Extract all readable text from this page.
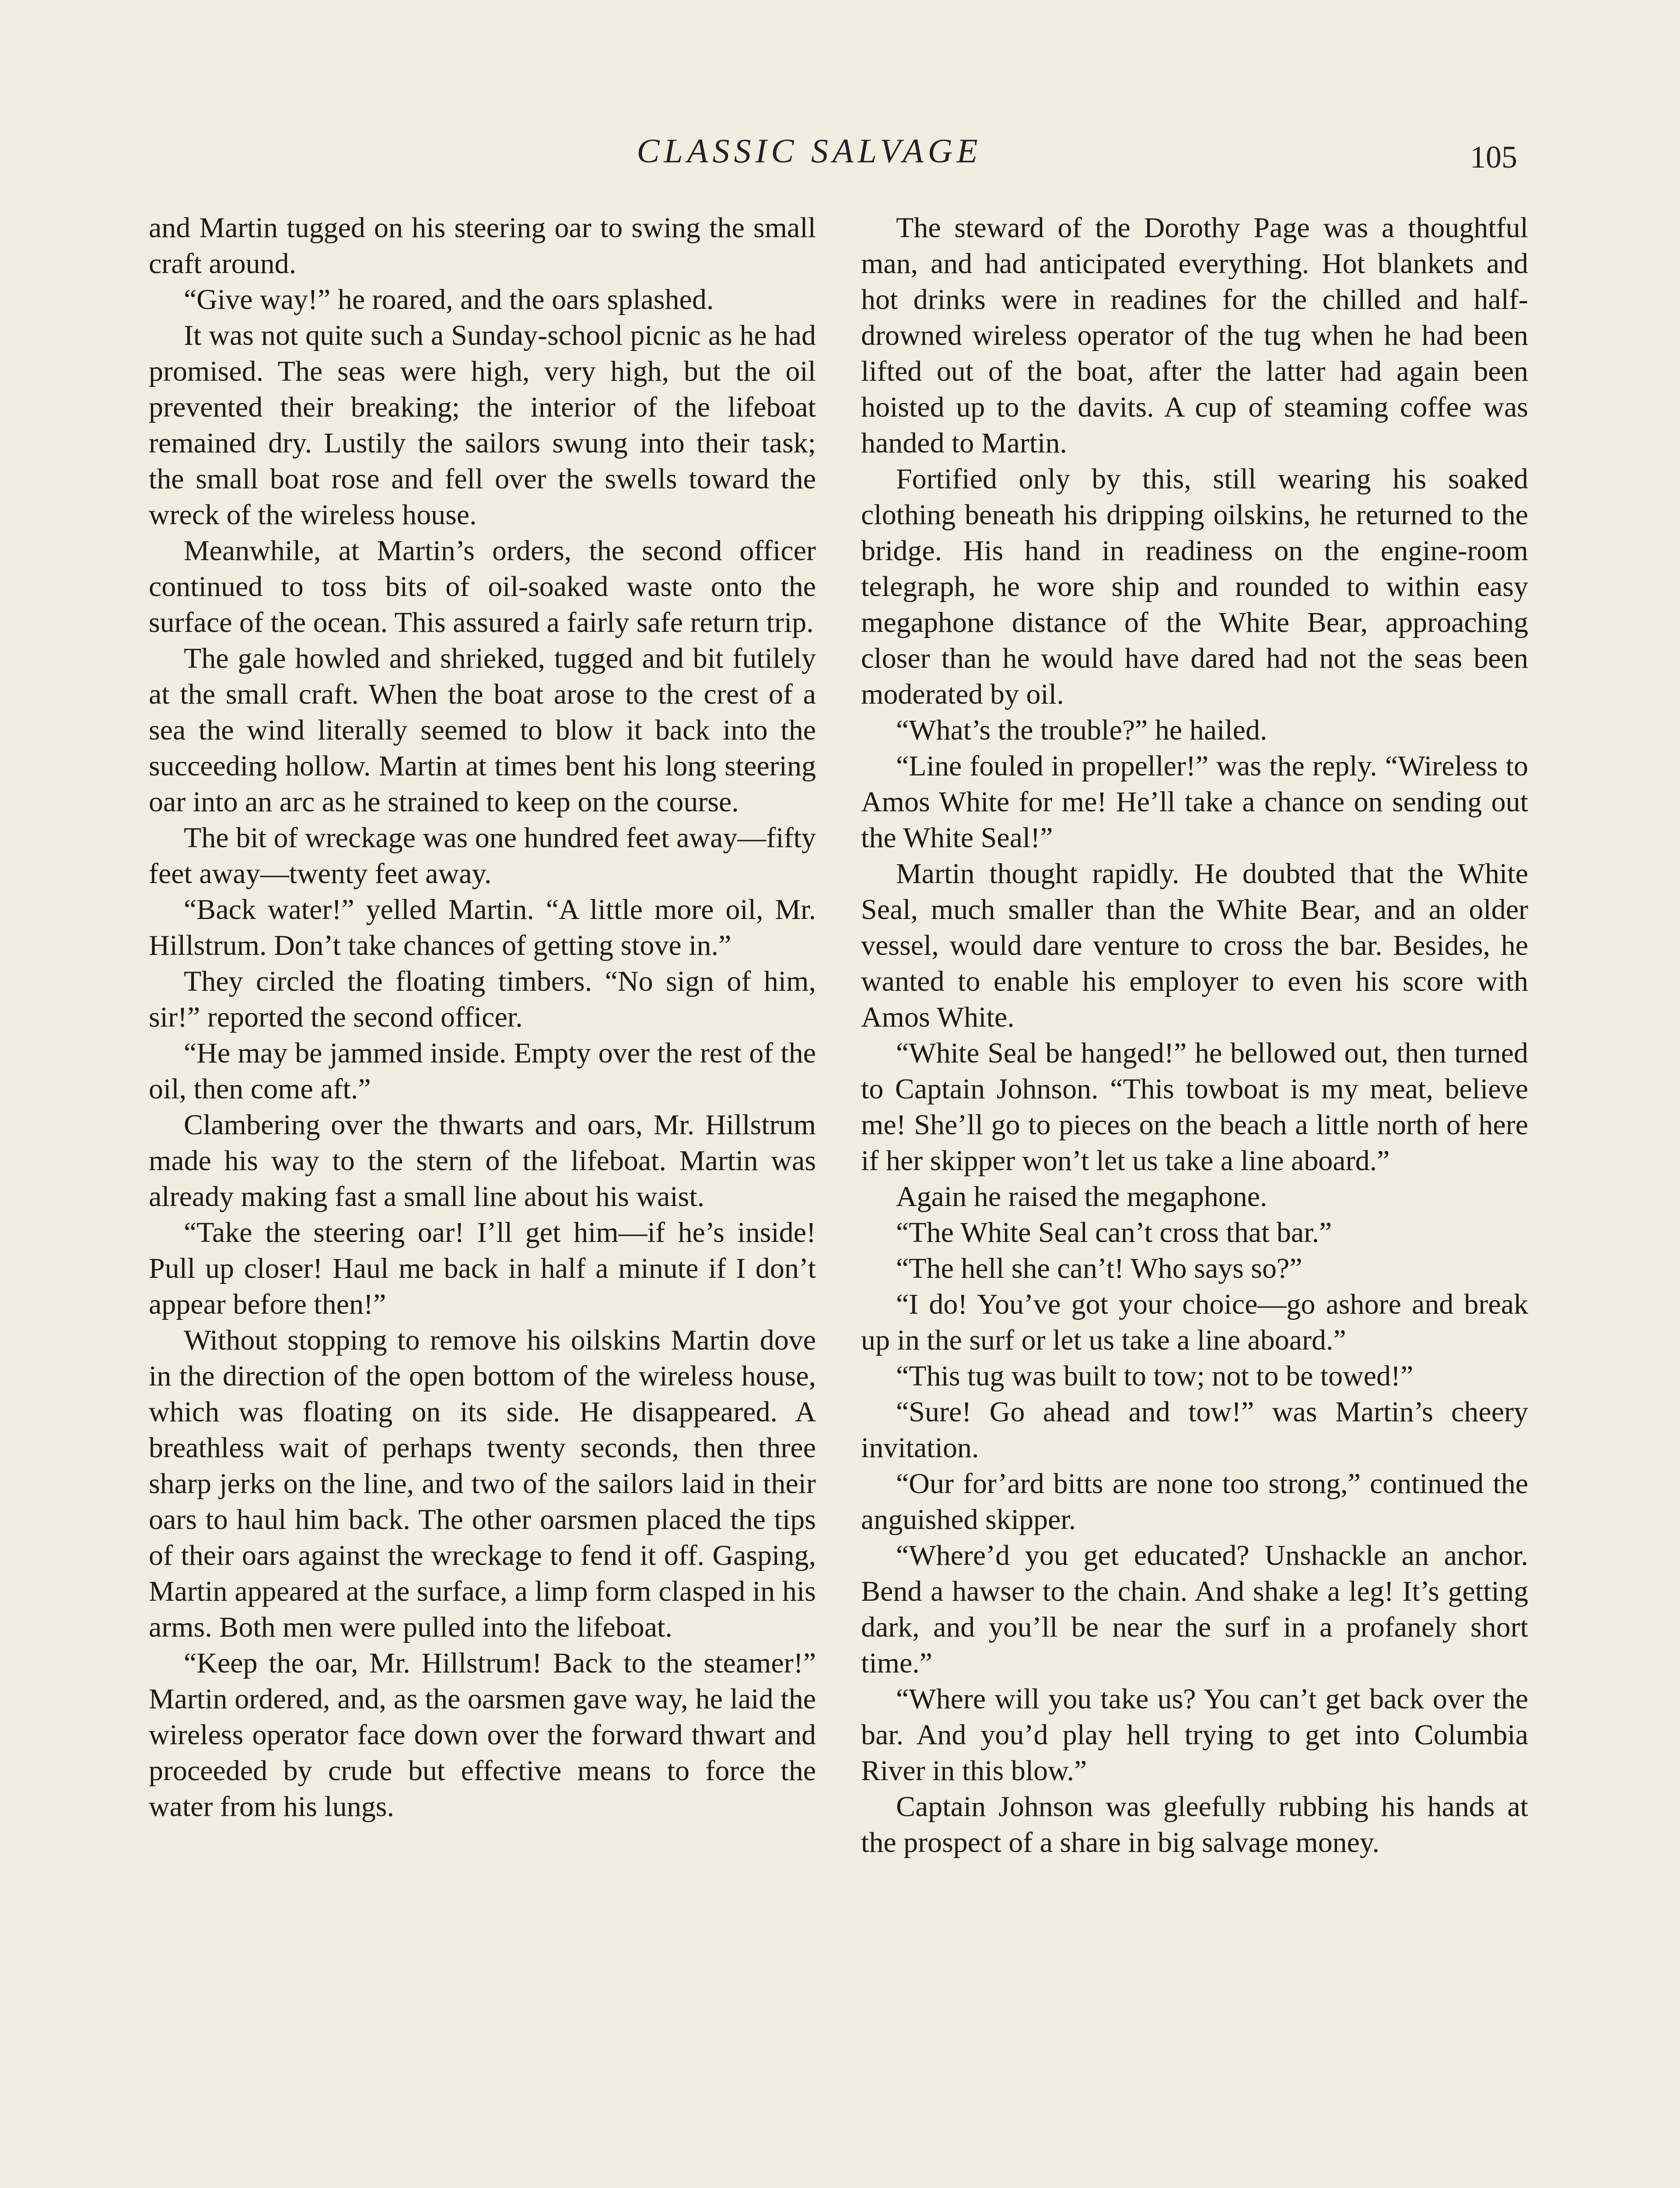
CLASSIC SALVAGE	105

and Martin tugged on his steering oar to swing the small craft around.

“Give way!” he roared, and the oars splashed.

It was not quite such a Sunday-school picnic as he had promised. The seas were high, very high, but the oil prevented their breaking; the interior of the lifeboat remained dry. Lustily the sailors swung into their task; the small boat rose and fell over the swells toward the wreck of the wireless house.

Meanwhile, at Martin’s orders, the second officer continued to toss bits of oil-soaked waste onto the surface of the ocean. This assured a fairly safe return trip.

The gale howled and shrieked, tugged and bit futilely at the small craft. When the boat arose to the crest of a sea the wind literally seemed to blow it back into the succeeding hollow. Martin at times bent his long steering oar into an arc as he strained to keep on the course.

The bit of wreckage was one hundred feet away—fifty feet away—twenty feet away.

“Back water!” yelled Martin. “A little more oil, Mr. Hillstrum. Don’t take chances of getting stove in.”

They circled the floating timbers. “No sign of him, sir!” reported the second officer.

“He may be jammed inside. Empty over the rest of the oil, then come aft.”

Clambering over the thwarts and oars, Mr. Hillstrum made his way to the stern of the lifeboat. Martin was already making fast a small line about his waist.

“Take the steering oar! I’ll get him—if he’s inside! Pull up closer! Haul me back in half a minute if I don’t appear before then!”

Without stopping to remove his oilskins Martin dove in the direction of the open bottom of the wireless house, which was floating on its side. He disappeared. A breathless wait of perhaps twenty seconds, then three sharp jerks on the line, and two of the sailors laid in their oars to haul him back. The other oarsmen placed the tips of their oars against the wreckage to fend it off. Gasping, Martin appeared at the surface, a limp form clasped in his arms. Both men were pulled into the lifeboat.

“Keep the oar, Mr. Hillstrum! Back to the steamer!” Martin ordered, and, as the oarsmen gave way, he laid the wireless operator face down over the forward thwart and proceeded by crude but effective means to force the water from his lungs.

The steward of the Dorothy Page was a thoughtful man, and had anticipated everything. Hot blankets and hot drinks were in readines for the chilled and half-drowned wireless operator of the tug when he had been lifted out of the boat, after the latter had again been hoisted up to the davits. A cup of steaming coffee was handed to Martin.

Fortified only by this, still wearing his soaked clothing beneath his dripping oilskins, he returned to the bridge. His hand in readiness on the engine-room telegraph, he wore ship and rounded to within easy megaphone distance of the White Bear, approaching closer than he would have dared had not the seas been moderated by oil.

“What’s the trouble?” he hailed.

“Line fouled in propeller!” was the reply. “Wireless to Amos White for me! He’ll take a chance on sending out the White Seal!”

Martin thought rapidly. He doubted that the White Seal, much smaller than the White Bear, and an older vessel, would dare venture to cross the bar. Besides, he wanted to enable his employer to even his score with Amos White.

“White Seal be hanged!” he bellowed out, then turned to Captain Johnson. “This towboat is my meat, believe me! She’ll go to pieces on the beach a little north of here if her skipper won’t let us take a line aboard.”

Again he raised the megaphone.

“The White Seal can’t cross that bar.”

“The hell she can’t! Who says so?”

“I do! You’ve got your choice—go ashore and break up in the surf or let us take a line aboard.”

“This tug was built to tow; not to be towed!”

“Sure! Go ahead and tow!” was Martin’s cheery invitation.

“Our for’ard bitts are none too strong,” continued the anguished skipper.

“Where’d you get educated? Unshackle an anchor. Bend a hawser to the chain. And shake a leg! It’s getting dark, and you’ll be near the surf in a profanely short time.”

“Where will you take us? You can’t get back over the bar. And you’d play hell trying to get into Columbia River in this blow.”

Captain Johnson was gleefully rubbing his hands at the prospect of a share in big salvage money.
